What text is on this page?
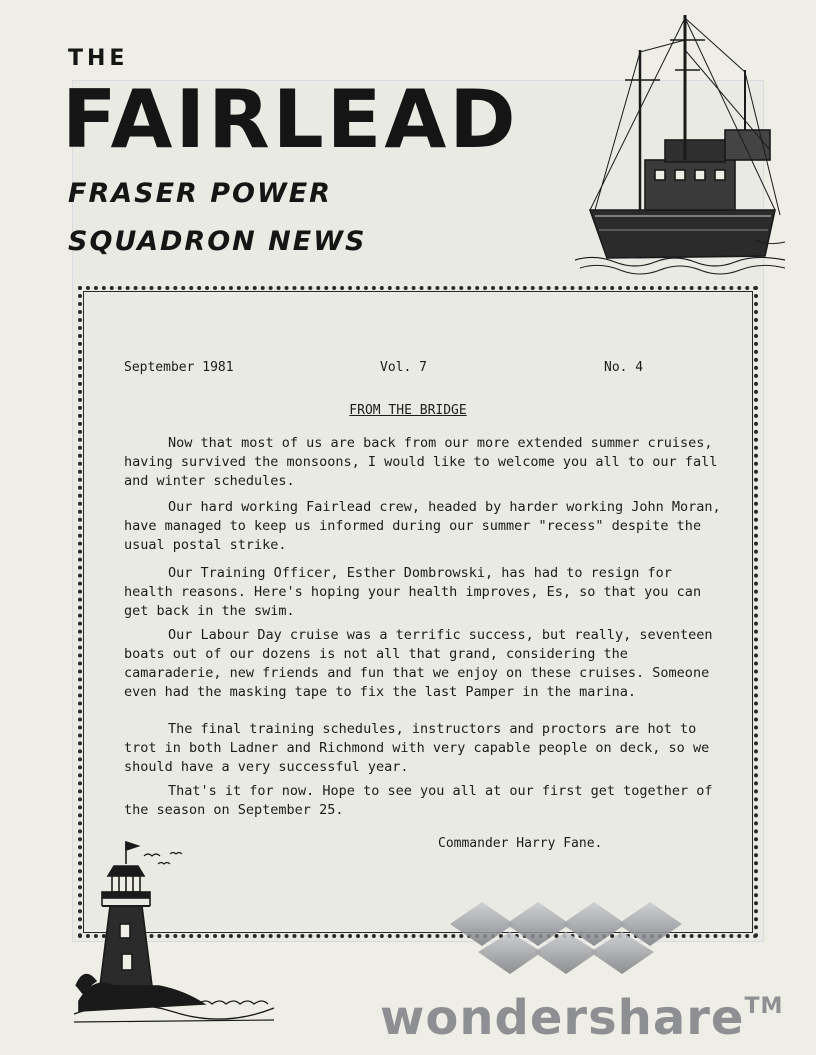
THE
FAIRLEAD
FRASER POWER
SQUADRON NEWS
September 1981	Vol. 7	No. 4
FROM THE BRIDGE

Now that most of us are back from our more extended summer cruises, having survived the monsoons, I would like to welcome you all to our fall and winter schedules.

Our hard working Fairlead crew, headed by harder working John Moran, have managed to keep us informed during our summer "recess" despite the usual postal strike.

Our Training Officer, Esther Dombrowski, has had to resign for health reasons. Here's hoping your health improves, Es, so that you can get back in the swim.

Our Labour Day cruise was a terrific success, but really, seventeen boats out of our dozens is not all that grand, considering the camaraderie, new friends and fun that we enjoy on these cruises. Someone even had the masking tape to fix the last Pamper in the marina.

The final training schedules, instructors and proctors are hot to trot in both Ladner and Richmond with very capable people on deck, so we should have a very successful year.

That's it for now. Hope to see you all at our first get together of the season on September 25.

Commander Harry Fane.
wondershare™
